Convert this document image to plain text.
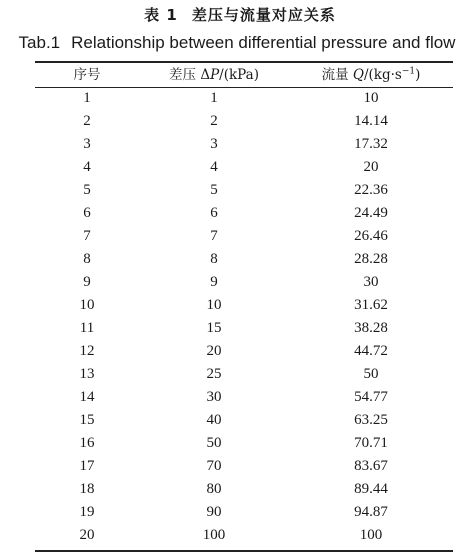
表 1 差压与流量对应关系
Tab.1 Relationship between differential pressure and flow
序号	差压 ΔP/(kPa)	流量 $Q/(kg\cdot s^{-1})$
1	1	10
2	2	14.14
3	3	17.32
4	4	20
5	5	22.36
6	6	24.49
7	7	26.46
8	8	28.28
9	9	30
10	10	31.62
11	15	38.28
12	20	44.72
13	25	50
14	30	54.77
15	40	63.25
16	50	70.71
17	70	83.67
18	80	89.44
19	90	94.87
20	100	100
